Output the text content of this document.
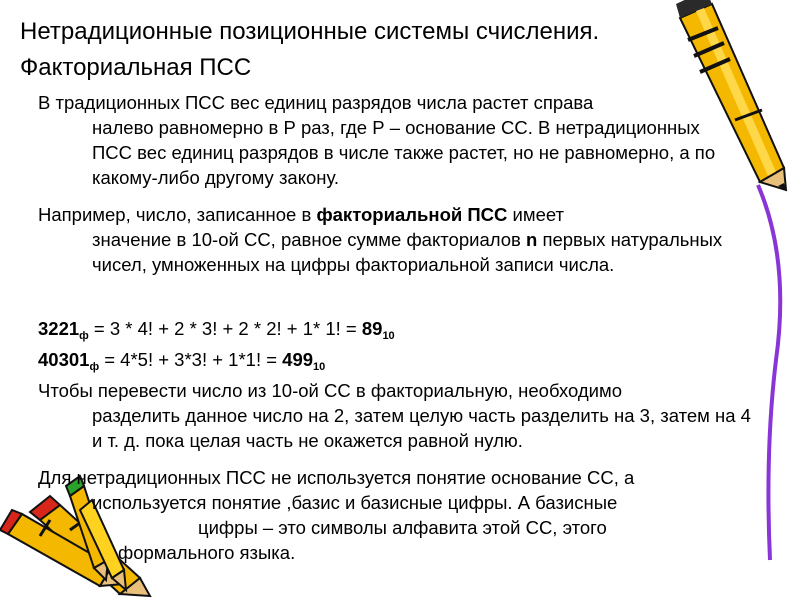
Нетрадиционные позиционные системы счисления.
Факториальная ПСС
В традиционных ПСС вес единиц разрядов числа растет справа
налево равномерно в Р раз, где Р – основание СС. В нетрадиционных ПСС вес единиц разрядов в числе также растет, но не равномерно, а по какому-либо другому закону.
Например, число, записанное в факториальной ПСС имеет
значение в 10-ой СС, равное сумме факториалов n первых натуральных чисел, умноженных на цифры факториальной записи числа.
$3221_ф = 3 * 4$! + 2 * 3! + 2 * 2! + 1* 1! = $89_{10}$
$40301_ф = 4*5$! + 3*3! + 1*1! = $499_{10}$
Чтобы перевести число из 10-ой СС в факториальную, необходимо
разделить данное число на 2, затем целую часть разделить на 3, затем на 4 и т. д. пока целая часть не окажется равной нулю.
Для нетрадиционных ПСС не используется понятие основание СС, а
используется понятие ,базис и базисные цифры. А базисные
цифры – это символы алфавита этой СС, этого
формального языка.
